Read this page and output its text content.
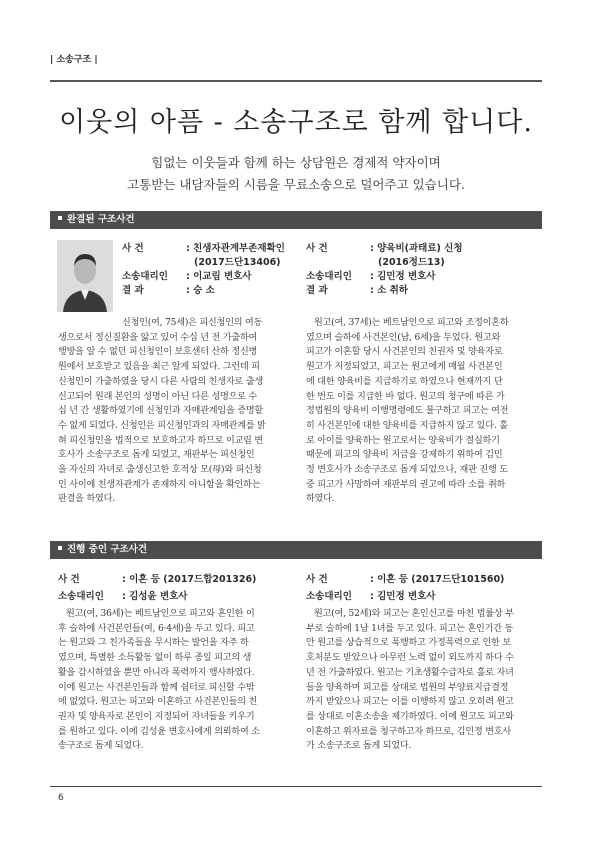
| 소송구조 |
이웃의 아픔 - 소송구조로 함께 합니다.
힘없는 이웃들과 함께 하는 상담원은 경제적 약자이며
고통받는 내담자들의 시름을 무료소송으로 덜어주고 있습니다.
완결된 구조사건
사 건	: 친생자관계부존재확인
(2017드단13406)
소송대리인 : 이교림 변호사
결 과	: 승 소
신청인(여, 75세)은 피신청인의 여동
생으로서 정신질환을 앓고 있어 수십 년 전 가출하여
행방을 알 수 없던 피신청인이 보호센터 산하 정신병
원에서 보호받고 있음을 최근 알게 되었다. 그런데 피
신청인이 가출하였을 당시 다른 사람의 친생자로 출생
신고되어 원래 본인의 성명이 아닌 다른 성명으로 수
십 년 간 생활하였기에 신청인과 자매관계임을 증명할
수 없게 되었다. 신청인은 피신청인과의 자매관계를 밝
혀 피신청인을 법적으로 보호하고자 하므로 이교림 변
호사가 소송구조로 돕게 되었고, 재판부는 피신청인
을 자신의 자녀로 출생신고한 호적상 모(母)와 피신청
인 사이에 친생자관계가 존재하지 아니함을 확인하는
판결을 하였다.
사 건	: 양육비(과태료) 신청
(2016정드13)
소송대리인 : 김민정 변호사
결 과	: 소 취하
원고(여, 37세)는 베트남인으로 피고와 조정이혼하
였으며 슬하에 사건본인(남, 6세)을 두었다. 원고와
피고가 이혼할 당시 사건본인의 친권자 및 양육자로
원고가 지정되었고, 피고는 원고에게 매월 사건본인
에 대한 양육비를 지급하기로 하였으나 현재까지 단
한 번도 이를 지급한 바 없다. 원고의 청구에 따른 가
정법원의 양육비 이행명령에도 불구하고 피고는 여전
히 사건본인에 대한 양육비를 지급하지 않고 있다. 홀
로 아이를 양육하는 원고로서는 양육비가 절실하기
때문에 피고의 양육비 지급을 강제하기 위하여 김민
정 변호사가 소송구조로 돕게 되었으나, 재판 진행 도
중 피고가 사망하여 재판부의 권고에 따라 소를 취하
하였다.
진행 중인 구조사건
사 건	: 이혼 등 (2017드합201326)
소송대리인 : 김성윤 변호사
원고(여, 36세)는 베트남인으로 피고와 혼인한 이
후 슬하에 사건본인들(여, 6·4세)을 두고 있다. 피고
는 원고와 그 친가족들을 무시하는 발언을 자주 하
였으며, 특별한 소득활동 없이 하루 종일 피고의 생
활을 감시하였을 뿐만 아니라 폭력까지 행사하였다.
이에 원고는 사건본인들과 함께 쉼터로 피신할 수밖
에 없었다. 원고는 피고와 이혼하고 사건본인들의 친
권자 및 양육자로 본인이 지정되어 자녀들을 키우기
를 원하고 있다. 이에 김성윤 변호사에게 의뢰하여 소
송구조로 돕게 되었다.
사 건	: 이혼 등 (2017드단101560)
소송대리인 : 김민정 변호사
원고(여, 52세)와 피고는 혼인신고를 마친 법률상 부
부로 슬하에 1남 1녀를 두고 있다. 피고는 혼인기간 동
안 원고를 상습적으로 폭행하고 가정폭력으로 인한 보
호처분도 받았으나 아무런 노력 없이 외도까지 하다 수
년 전 가출하였다. 원고는 기초생활수급자로 홀로 자녀
들을 양육하며 피고를 상대로 법원의 부양료지급결정
까지 받았으나 피고는 이를 이행하지 않고 오히려 원고
를 상대로 이혼소송을 제기하였다. 이에 원고도 피고와
이혼하고 위자료를 청구하고자 하므로, 김민정 변호사
가 소송구조로 돕게 되었다.
6
